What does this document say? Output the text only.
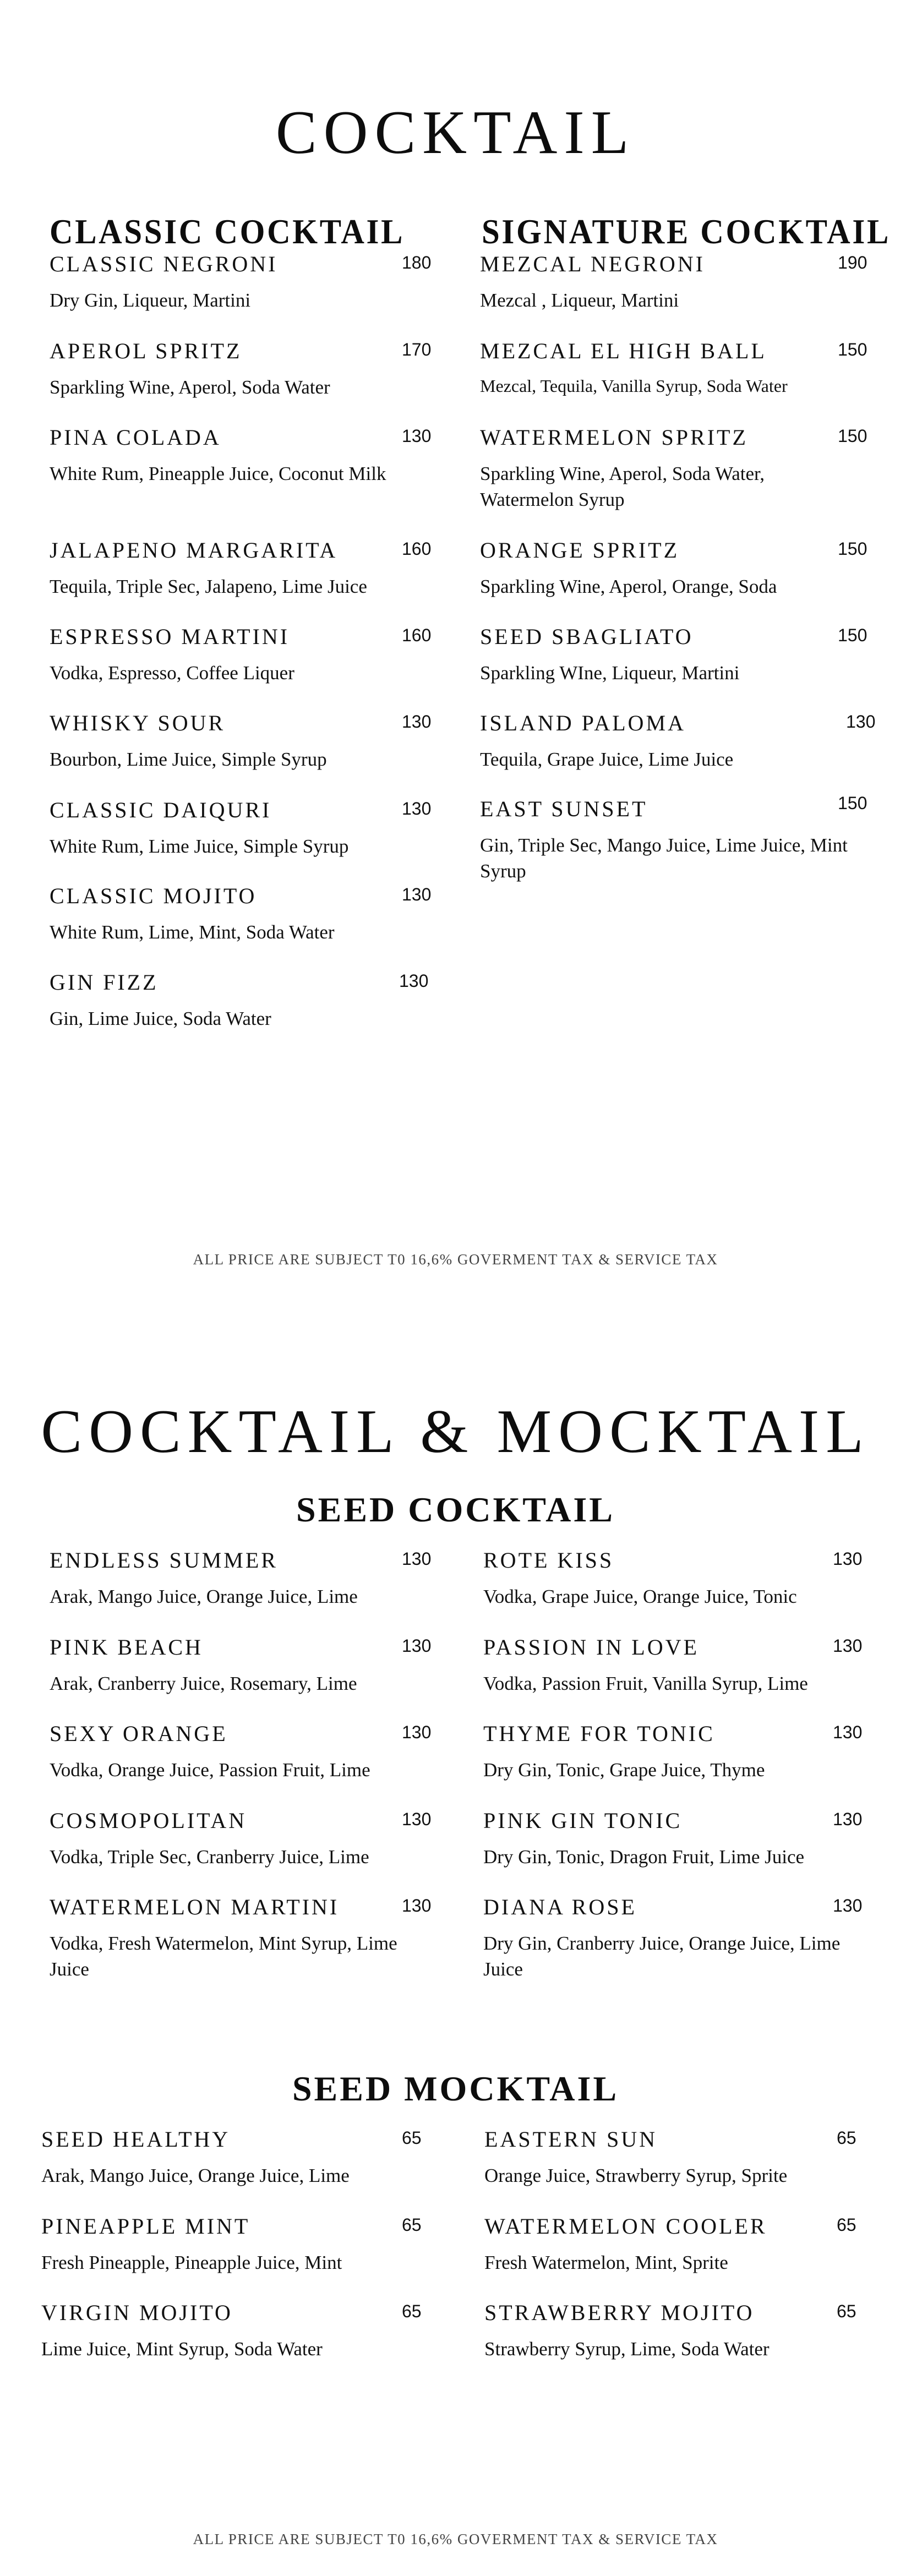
COCKTAIL
CLASSIC COCKTAIL SIGNATURE COCKTAIL
CLASSIC NEGRONI	180
Dry Gin, Liqueur, Martini
APEROL SPRITZ	170
Sparkling Wine, Aperol, Soda Water
PINA COLADA	130
White Rum, Pineapple Juice, Coconut Milk
JALAPENO MARGARITA	160
Tequila, Triple Sec, Jalapeno, Lime Juice
ESPRESSO MARTINI	160
Vodka, Espresso, Coffee Liquer
WHISKY SOUR	130
Bourbon, Lime Juice, Simple Syrup
CLASSIC DAIQURI	130
White Rum, Lime Juice, Simple Syrup
CLASSIC MOJITO	130
White Rum, Lime, Mint, Soda Water
GIN FIZZ	130
Gin, Lime Juice, Soda Water
MEZCAL NEGRONI	190
Mezcal , Liqueur, Martini
MEZCAL EL HIGH BALL	150
Mezcal, Tequila, Vanilla Syrup, Soda Water
WATERMELON SPRITZ	150
Sparkling Wine, Aperol, Soda Water, Watermelon Syrup
ORANGE SPRITZ	150
Sparkling Wine, Aperol, Orange, Soda
SEED SBAGLIATO	150
Sparkling WIne, Liqueur, Martini
ISLAND PALOMA	130
Tequila, Grape Juice, Lime Juice
EAST SUNSET	150
Gin, Triple Sec, Mango Juice, Lime Juice, Mint Syrup
ALL PRICE ARE SUBJECT T0 16,6% GOVERMENT TAX & SERVICE TAX
COCKTAIL & MOCKTAIL
SEED COCKTAIL
ENDLESS SUMMER	130
Arak, Mango Juice, Orange Juice, Lime
PINK BEACH	130
Arak, Cranberry Juice, Rosemary, Lime
SEXY ORANGE	130
Vodka, Orange Juice, Passion Fruit, Lime
COSMOPOLITAN	130
Vodka, Triple Sec, Cranberry Juice, Lime
WATERMELON MARTINI	130
Vodka, Fresh Watermelon, Mint Syrup, Lime Juice
ROTE KISS	130
Vodka, Grape Juice, Orange Juice, Tonic
PASSION IN LOVE	130
Vodka, Passion Fruit, Vanilla Syrup, Lime
THYME FOR TONIC	130
Dry Gin, Tonic, Grape Juice, Thyme
PINK GIN TONIC	130
Dry Gin, Tonic, Dragon Fruit, Lime Juice
DIANA ROSE	130
Dry Gin, Cranberry Juice, Orange Juice, Lime Juice
SEED MOCKTAIL
SEED HEALTHY	65
Arak, Mango Juice, Orange Juice, Lime
PINEAPPLE MINT	65
Fresh Pineapple, Pineapple Juice, Mint
VIRGIN MOJITO	65
Lime Juice, Mint Syrup, Soda Water
EASTERN SUN	65
Orange Juice, Strawberry Syrup, Sprite
WATERMELON COOLER	65
Fresh Watermelon, Mint, Sprite
STRAWBERRY MOJITO	65
Strawberry Syrup, Lime, Soda Water
ALL PRICE ARE SUBJECT T0 16,6% GOVERMENT TAX & SERVICE TAX
